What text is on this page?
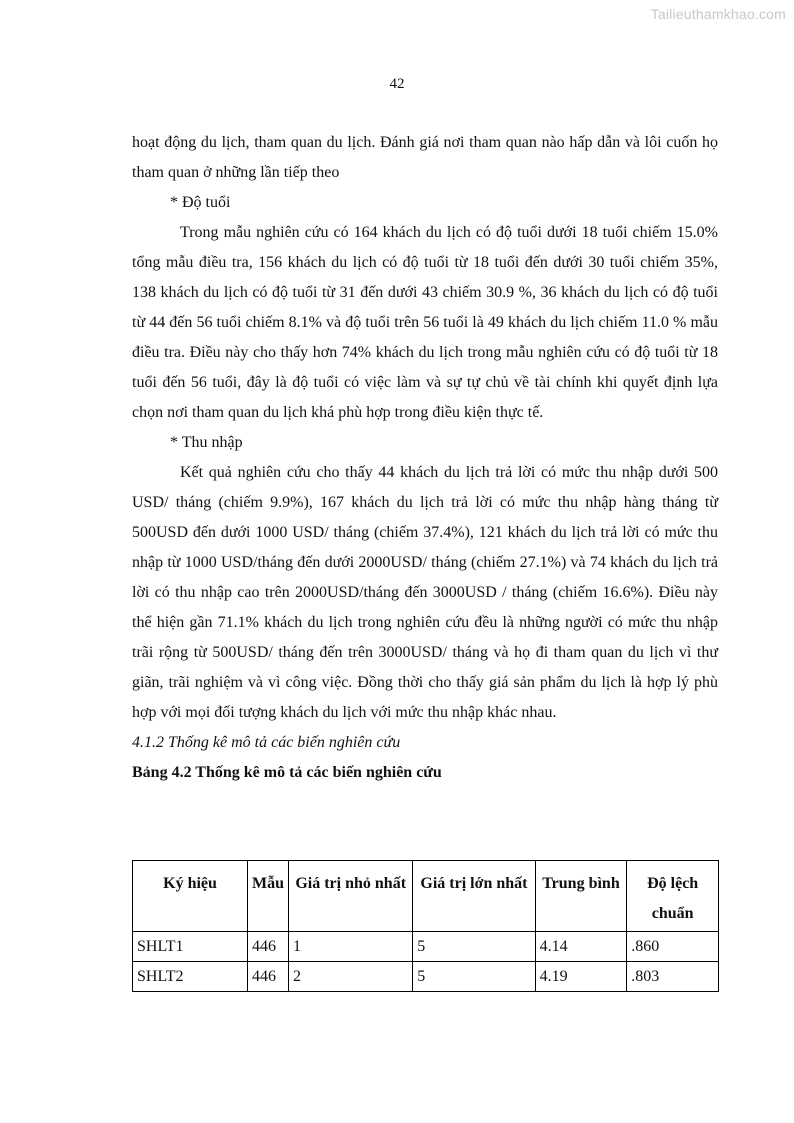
Tailieuthamkhao.com
42

hoạt động du lịch, tham quan du lịch. Đánh giá nơi tham quan nào hấp dẫn và lôi cuốn họ tham quan ở những lần tiếp theo

* Độ tuổi

Trong mẫu nghiên cứu có 164 khách du lịch có độ tuổi dưới 18 tuổi chiếm 15.0% tổng mẫu điều tra, 156 khách du lịch có độ tuổi từ 18 tuổi đến dưới 30 tuổi chiếm 35%, 138 khách du lịch có độ tuổi từ 31 đến dưới 43 chiếm 30.9 %, 36 khách du lịch có độ tuổi từ 44 đến 56 tuổi chiếm 8.1% và độ tuổi trên 56 tuổi là 49 khách du lịch chiếm 11.0 % mẫu điều tra. Điều này cho thấy hơn 74% khách du lịch trong mẫu nghiên cứu có độ tuổi từ 18 tuổi đến 56 tuổi, đây là độ tuổi có việc làm và sự tự chủ về tài chính khi quyết định lựa chọn nơi tham quan du lịch khá phù hợp trong điều kiện thực tế.

* Thu nhập

Kết quả nghiên cứu cho thấy 44 khách du lịch trả lời có mức thu nhập dưới 500 USD/ tháng (chiếm 9.9%), 167 khách du lịch trả lời có mức thu nhập hàng tháng từ 500USD đến dưới 1000 USD/ tháng (chiếm 37.4%), 121 khách du lịch trả lời có mức thu nhập từ 1000 USD/tháng đến dưới 2000USD/ tháng (chiếm 27.1%) và 74 khách du lịch trả lời có thu nhập cao trên 2000USD/tháng đến 3000USD / tháng (chiếm 16.6%). Điều này thể hiện gần 71.1% khách du lịch trong nghiên cứu đều là những người có mức thu nhập trãi rộng từ 500USD/ tháng đến trên 3000USD/ tháng và họ đi tham quan du lịch vì thư giãn, trãi nghiệm và vì công việc. Đồng thời cho thấy giá sản phẩm du lịch là hợp lý phù hợp với mọi đối tượng khách du lịch với mức thu nhập khác nhau.

4.1.2 Thống kê mô tả các biến nghiên cứu

Bảng 4.2 Thống kê mô tả các biến nghiên cứu

Ký hiệu	Mẫu	Giá trị nhỏ nhất	Giá trị lớn nhất	Trung bình	Độ lệch chuẩn
SHLT1	446	1	5	4.14	.860
SHLT2	446	2	5	4.19	.803
